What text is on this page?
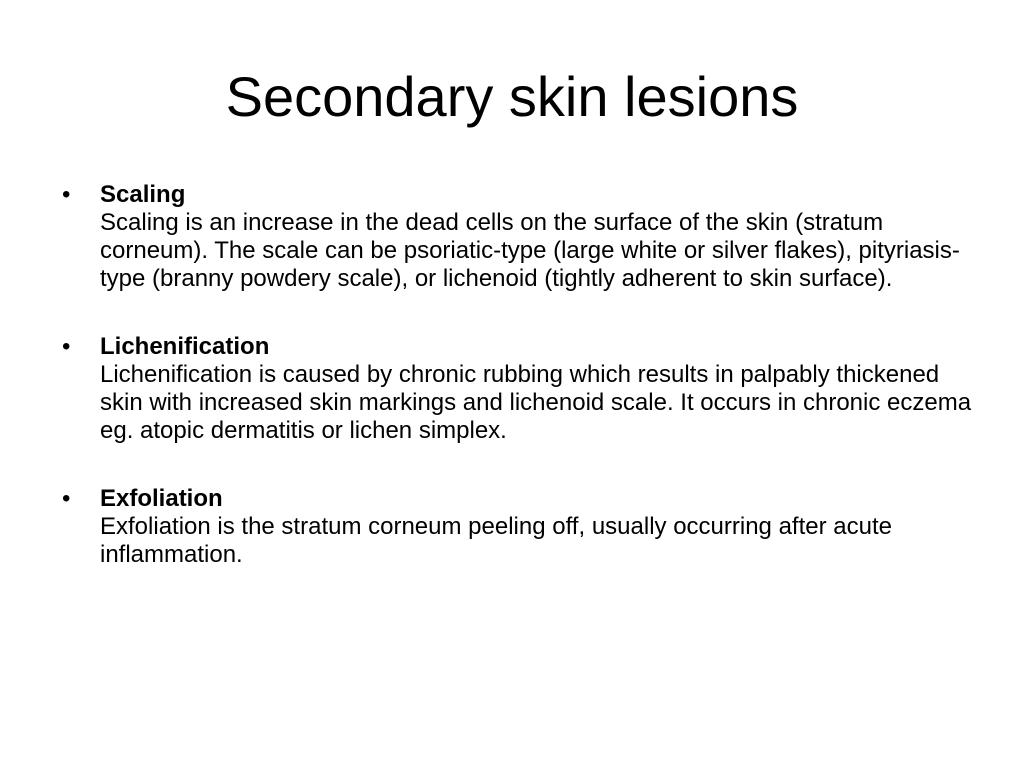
Secondary skin lesions
•	Scaling
Scaling is an increase in the dead cells on the surface of the skin (stratum corneum). The scale can be psoriatic-type (large white or silver flakes), pityriasis-type (branny powdery scale), or lichenoid (tightly adherent to skin surface).
•	Lichenification
Lichenification is caused by chronic rubbing which results in palpably thickened skin with increased skin markings and lichenoid scale. It occurs in chronic eczema eg. atopic dermatitis or lichen simplex.
•	Exfoliation
Exfoliation is the stratum corneum peeling off, usually occurring after acute inflammation.
